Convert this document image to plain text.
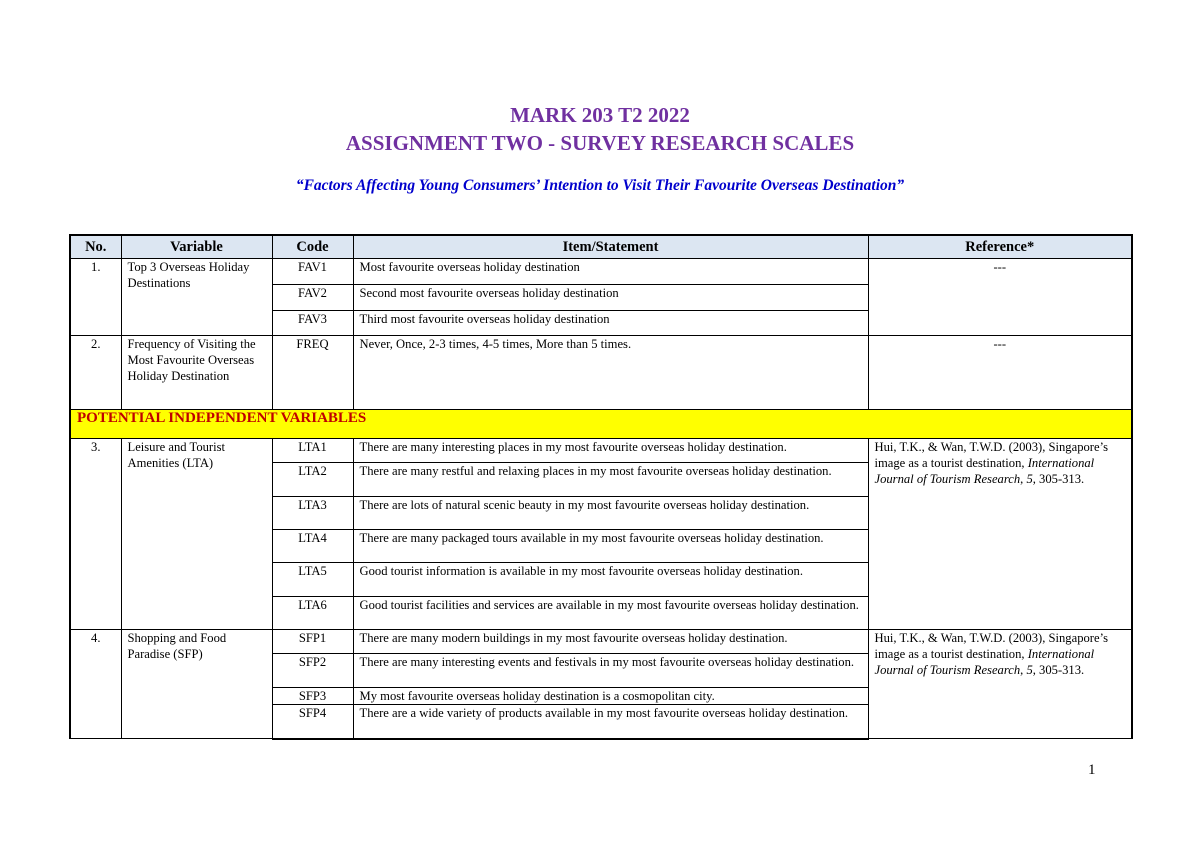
MARK 203 T2 2022
ASSIGNMENT TWO - SURVEY RESEARCH SCALES
“Factors Affecting Young Consumers’ Intention to Visit Their Favourite Overseas Destination”
No.	Variable	Code	Item/Statement	Reference*
1.	Top 3 Overseas Holiday Destinations	FAV1	Most favourite overseas holiday destination	---
		FAV2	Second most favourite overseas holiday destination	
		FAV3	Third most favourite overseas holiday destination	
2.	Frequency of Visiting the Most Favourite Overseas Holiday Destination	FREQ	Never, Once, 2-3 times, 4-5 times, More than 5 times.	---
POTENTIAL INDEPENDENT VARIABLES				
3.	Leisure and Tourist Amenities (LTA)	LTA1	There are many interesting places in my most favourite overseas holiday destination.	Hui, T.K., & Wan, T.W.D. (2003), Singapore’s image as a tourist destination, International Journal of Tourism Research, 5, 305-313.
		LTA2	There are many restful and relaxing places in my most favourite overseas holiday destination.	
		LTA3	There are lots of natural scenic beauty in my most favourite overseas holiday destination.	
		LTA4	There are many packaged tours available in my most favourite overseas holiday destination.	
		LTA5	Good tourist information is available in my most favourite overseas holiday destination.	
		LTA6	Good tourist facilities and services are available in my most favourite overseas holiday destination.	
4.	Shopping and Food Paradise (SFP)	SFP1	There are many modern buildings in my most favourite overseas holiday destination.	Hui, T.K., & Wan, T.W.D. (2003), Singapore’s image as a tourist destination, International Journal of Tourism Research, 5, 305-313.
		SFP2	There are many interesting events and festivals in my most favourite overseas holiday destination.	
		SFP3	My most favourite overseas holiday destination is a cosmopolitan city.	
		SFP4	There are a wide variety of products available in my most favourite overseas holiday destination.	
1
